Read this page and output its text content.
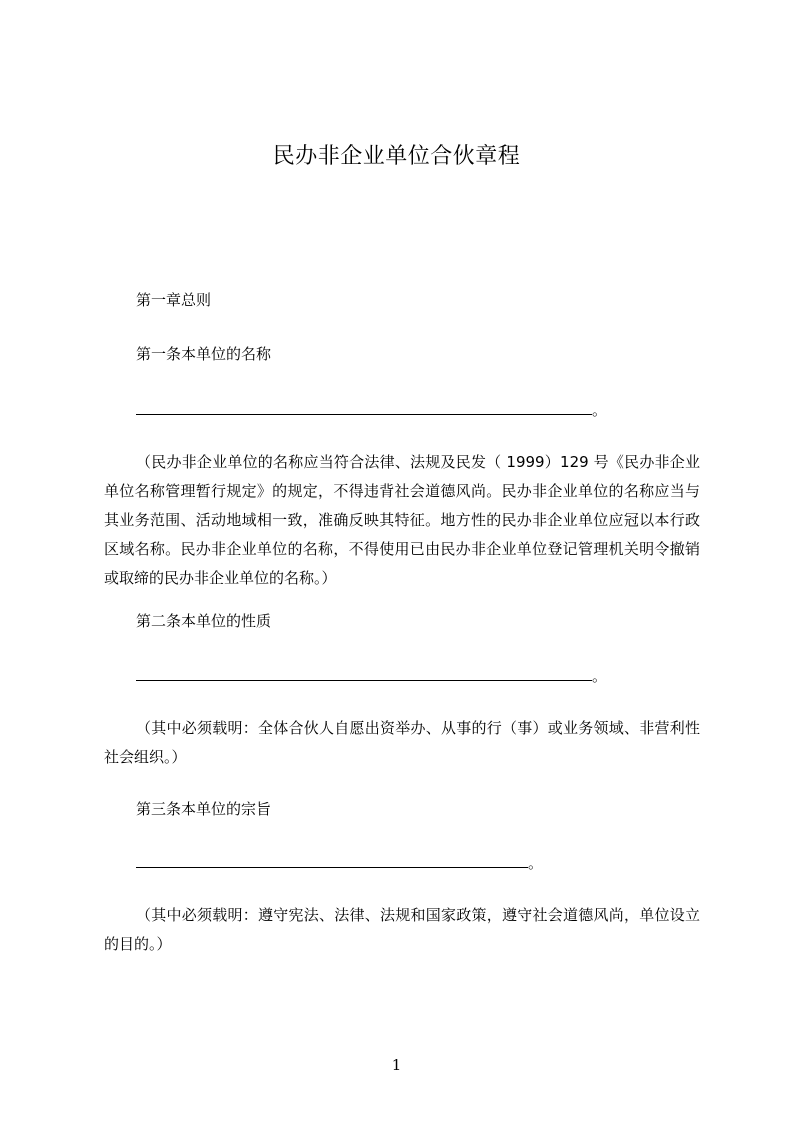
民办非企业单位合伙章程
第一章总则
第一条本单位的名称
。
（民办非企业单位的名称应当符合法律、法规及民发（ 1999）129 号《民办非企业单位名称管理暂行规定》的规定，不得违背社会道德风尚。民办非企业单位的名称应当与其业务范围、活动地域相一致，准确反映其特征。地方性的民办非企业单位应冠以本行政区域名称。民办非企业单位的名称，不得使用已由民办非企业单位登记管理机关明令撤销或取缔的民办非企业单位的名称。）
第二条本单位的性质
。
（其中必须载明：全体合伙人自愿出资举办、从事的行（事）或业务领域、非营利性社会组织。）
第三条本单位的宗旨
。
（其中必须载明：遵守宪法、法律、法规和国家政策，遵守社会道德风尚，单位设立的目的。）
1
